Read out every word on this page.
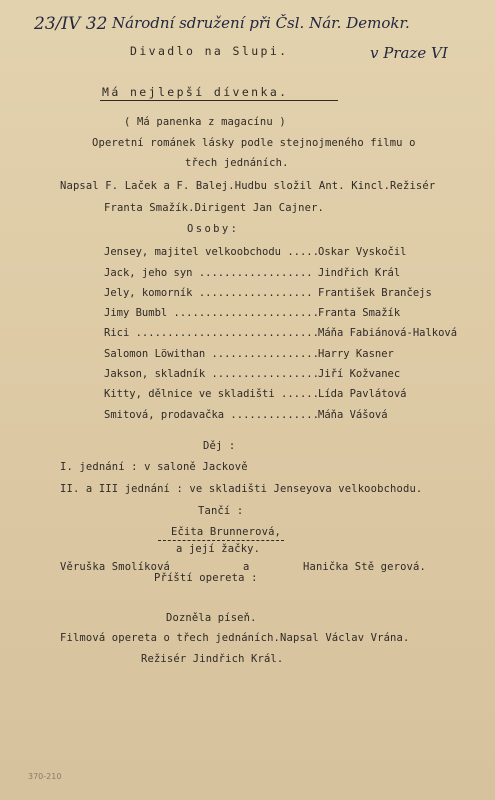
23/IV 32 Národní sdružení při Čsl. Nár. Demokr.
v Praze VI
Divadlo na Slupi.
Má nejlepší dívenka.
( Má panenka z magacínu )
Operetní románek lásky podle stejnojmeného filmu o
třech jednáních.
Napsal F. Laček a F. Balej.Hudbu složil Ant. Kincl.Režisér
Franta Smažík.Dirigent Jan Cajner.
Osoby:
Jensey, majitel velkoobchodu ..... Oskar Vyskočil
Jack, jeho syn .................. Jindřich Král
Jely, komorník .................. František Brančejs
Jimy Bumbl ....................... Franta Smažík
Rici ............................. Máňa Fabiánová-Halková
Salomon Löwithan ................. Harry Kasner
Jakson, skladník ................. Jiří Kožvanec
Kitty, dělnice ve skladišti ...... Lída Pavlátová
Smitová, prodavačka .............. Máňa Vášová
Děj :
I. jednání : v saloně Jackově
II. a III jednání : ve skladišti Jenseyova velkoobchodu.
Tančí :
Ečita Brunnerová,
a její žačky.
Věruška Smolíková	a	Hanička Stě gerová.
Příští opereta :
Dozněla píseň.
Filmová opereta o třech jednáních.Napsal Václav Vrána.
Režisér Jindřich Král.
370-210
